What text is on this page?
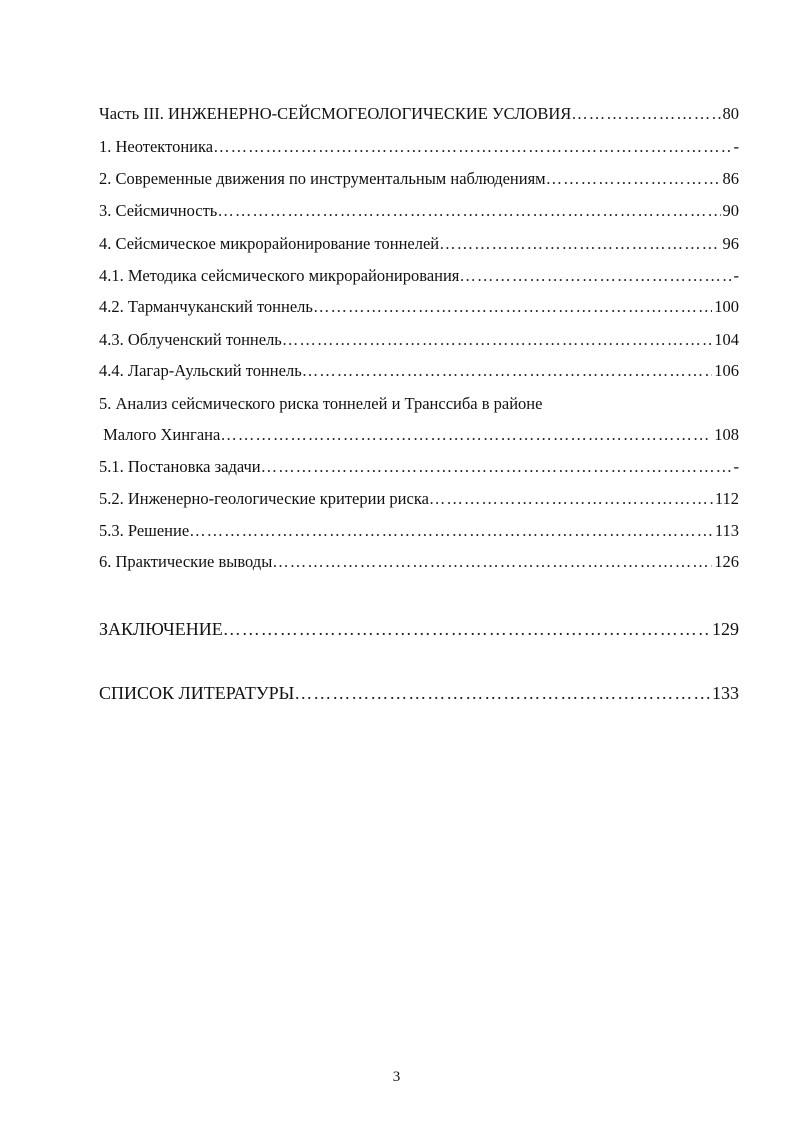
Часть III. ИНЖЕНЕРНО-СЕЙСМОГЕОЛОГИЧЕСКИЕ УСЛОВИЯ …………………………………………………………………………………………………………………………………………	80
1. Неотектоника …………………………………………………………………………………………………………………………………………	-
2. Современные движения по инструментальным наблюдениям …………………………………………………………………………………………………………………………………………	86
3. Сейсмичность …………………………………………………………………………………………………………………………………………	90
4. Сейсмическое микрорайонирование тоннелей …………………………………………………………………………………………………………………………………………	96
4.1. Методика сейсмического микрорайонирования …………………………………………………………………………………………………………………………………………	-
4.2. Тарманчуканский тоннель …………………………………………………………………………………………………………………………………………	100
4.3. Облученский тоннель …………………………………………………………………………………………………………………………………………	104
4.4. Лагар-Аульский тоннель …………………………………………………………………………………………………………………………………………	106
5. Анализ сейсмического риска тоннелей и Транссиба в районе
Малого Хингана …………………………………………………………………………………………………………………………………………	108
5.1. Постановка задачи …………………………………………………………………………………………………………………………………………	-
5.2. Инженерно-геологические критерии риска …………………………………………………………………………………………………………………………………………	112
5.3. Решение …………………………………………………………………………………………………………………………………………	113
6. Практические выводы …………………………………………………………………………………………………………………………………………	126
ЗАКЛЮЧЕНИЕ …………………………………………………………………………………………………………………………………………	129
СПИСОК ЛИТЕРАТУРЫ …………………………………………………………………………………………………………………………………………	133
3
